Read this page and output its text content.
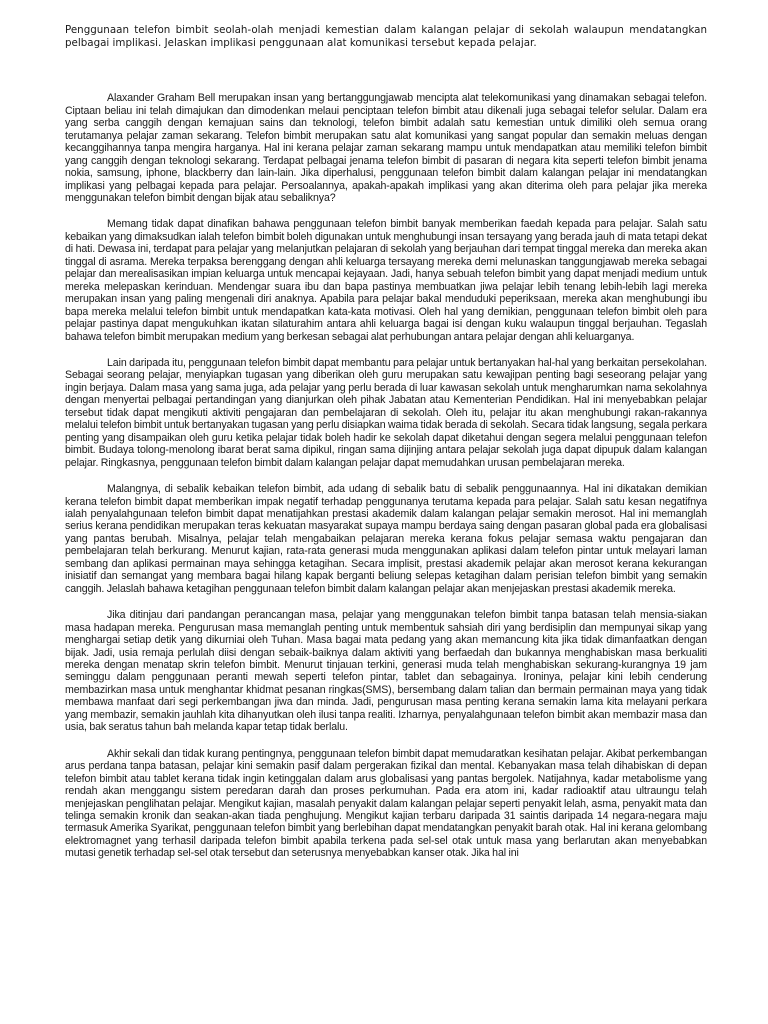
Penggunaan telefon bimbit seolah-olah menjadi kemestian dalam kalangan pelajar di sekolah walaupun mendatangkan pelbagai implikasi. Jelaskan implikasi penggunaan alat komunikasi tersebut kepada pelajar.

Alaxander Graham Bell merupakan insan yang bertanggungjawab mencipta alat telekomunikasi yang dinamakan sebagai telefon. Ciptaan beliau ini telah dimajukan dan dimodenkan melaui penciptaan telefon bimbit atau dikenali juga sebagai telefor selular. Dalam era yang serba canggih dengan kemajuan sains dan teknologi, telefon bimbit adalah satu kemestian untuk dimiliki oleh semua orang terutamanya pelajar zaman sekarang. Telefon bimbit merupakan satu alat komunikasi yang sangat popular dan semakin meluas dengan kecanggihannya tanpa mengira harganya. Hal ini kerana pelajar zaman sekarang mampu untuk mendapatkan atau memiliki telefon bimbit yang canggih dengan teknologi sekarang. Terdapat pelbagai jenama telefon bimbit di pasaran di negara kita seperti telefon bimbit jenama nokia, samsung, iphone, blackberry dan lain-lain. Jika diperhalusi, penggunaan telefon bimbit dalam kalangan pelajar ini mendatangkan implikasi yang pelbagai kepada para pelajar. Persoalannya, apakah-apakah implikasi yang akan diterima oleh para pelajar jika mereka menggunakan telefon bimbit dengan bijak atau sebaliknya?

Memang tidak dapat dinafikan bahawa penggunaan telefon bimbit banyak memberikan faedah kepada para pelajar. Salah satu kebaikan yang dimaksudkan ialah telefon bimbit boleh digunakan untuk menghubungi insan tersayang yang berada jauh di mata tetapi dekat di hati. Dewasa ini, terdapat para pelajar yang melanjutkan pelajaran di sekolah yang berjauhan dari tempat tinggal mereka dan mereka akan tinggal di asrama. Mereka terpaksa berenggang dengan ahli keluarga tersayang mereka demi melunaskan tanggungjawab mereka sebagai pelajar dan merealisasikan impian keluarga untuk mencapai kejayaan. Jadi, hanya sebuah telefon bimbit yang dapat menjadi medium untuk mereka melepaskan kerinduan. Mendengar suara ibu dan bapa pastinya membuatkan jiwa pelajar lebih tenang lebih-lebih lagi mereka merupakan insan yang paling mengenali diri anaknya. Apabila para pelajar bakal menduduki peperiksaan, mereka akan menghubungi ibu bapa mereka melalui telefon bimbit untuk mendapatkan kata-kata motivasi. Oleh hal yang demikian, penggunaan telefon bimbit oleh para pelajar pastinya dapat mengukuhkan ikatan silaturahim antara ahli keluarga bagai isi dengan kuku walaupun tinggal berjauhan. Tegaslah bahawa telefon bimbit merupakan medium yang berkesan sebagai alat perhubungan antara pelajar dengan ahli keluarganya.

Lain daripada itu, penggunaan telefon bimbit dapat membantu para pelajar untuk bertanyakan hal-hal yang berkaitan persekolahan. Sebagai seorang pelajar, menyiapkan tugasan yang diberikan oleh guru merupakan satu kewajipan penting bagi seseorang pelajar yang ingin berjaya. Dalam masa yang sama juga, ada pelajar yang perlu berada di luar kawasan sekolah untuk mengharumkan nama sekolahnya dengan menyertai pelbagai pertandingan yang dianjurkan oleh pihak Jabatan atau Kementerian Pendidikan. Hal ini menyebabkan pelajar tersebut tidak dapat mengikuti aktiviti pengajaran dan pembelajaran di sekolah. Oleh itu, pelajar itu akan menghubungi rakan-rakannya melalui telefon bimbit untuk bertanyakan tugasan yang perlu disiapkan waima tidak berada di sekolah. Secara tidak langsung, segala perkara penting yang disampaikan oleh guru ketika pelajar tidak boleh hadir ke sekolah dapat diketahui dengan segera melalui penggunaan telefon bimbit. Budaya tolong-menolong ibarat berat sama dipikul, ringan sama dijinjing antara pelajar sekolah juga dapat dipupuk dalam kalangan pelajar. Ringkasnya, penggunaan telefon bimbit dalam kalangan pelajar dapat memudahkan urusan pembelajaran mereka.

Malangnya, di sebalik kebaikan telefon bimbit, ada udang di sebalik batu di sebalik penggunaannya. Hal ini dikatakan demikian kerana telefon bimbit dapat memberikan impak negatif terhadap penggunanya terutama kepada para pelajar. Salah satu kesan negatifnya ialah penyalahgunaan telefon bimbit dapat menatijahkan prestasi akademik dalam kalangan pelajar semakin merosot. Hal ini memanglah serius kerana pendidikan merupakan teras kekuatan masyarakat supaya mampu berdaya saing dengan pasaran global pada era globalisasi yang pantas berubah. Misalnya, pelajar telah mengabaikan pelajaran mereka kerana fokus pelajar semasa waktu pengajaran dan pembelajaran telah berkurang. Menurut kajian, rata-rata generasi muda menggunakan aplikasi dalam telefon pintar untuk melayari laman sembang dan aplikasi permainan maya sehingga ketagihan. Secara implisit, prestasi akademik pelajar akan merosot kerana kekurangan inisiatif dan semangat yang membara bagai hilang kapak berganti beliung selepas ketagihan dalam perisian telefon bimbit yang semakin canggih. Jelaslah bahawa ketagihan penggunaan telefon bimbit dalam kalangan pelajar akan menjejaskan prestasi akademik mereka.

Jika ditinjau dari pandangan perancangan masa, pelajar yang menggunakan telefon bimbit tanpa batasan telah mensia-siakan masa hadapan mereka. Pengurusan masa memanglah penting untuk membentuk sahsiah diri yang berdisiplin dan mempunyai sikap yang menghargai setiap detik yang dikurniai oleh Tuhan. Masa bagai mata pedang yang akan memancung kita jika tidak dimanfaatkan dengan bijak. Jadi, usia remaja perlulah diisi dengan sebaik-baiknya dalam aktiviti yang berfaedah dan bukannya menghabiskan masa berkualiti mereka dengan menatap skrin telefon bimbit. Menurut tinjauan terkini, generasi muda telah menghabiskan sekurang-kurangnya 19 jam seminggu dalam penggunaan peranti mewah seperti telefon pintar, tablet dan sebagainya. Ironinya, pelajar kini lebih cenderung membazirkan masa untuk menghantar khidmat pesanan ringkas(SMS), bersembang dalam talian dan bermain permainan maya yang tidak membawa manfaat dari segi perkembangan jiwa dan minda. Jadi, pengurusan masa penting kerana semakin lama kita melayani perkara yang membazir, semakin jauhlah kita dihanyutkan oleh ilusi tanpa realiti. Izharnya, penyalahgunaan telefon bimbit akan membazir masa dan usia, bak seratus tahun bah melanda kapar tetap tidak berlalu.

Akhir sekali dan tidak kurang pentingnya, penggunaan telefon bimbit dapat memudaratkan kesihatan pelajar. Akibat perkembangan arus perdana tanpa batasan, pelajar kini semakin pasif dalam pergerakan fizikal dan mental. Kebanyakan masa telah dihabiskan di depan telefon bimbit atau tablet kerana tidak ingin ketinggalan dalam arus globalisasi yang pantas bergolek. Natijahnya, kadar metabolisme yang rendah akan menggangu sistem peredaran darah dan proses perkumuhan. Pada era atom ini, kadar radioaktif atau ultraungu telah menjejaskan penglihatan pelajar. Mengikut kajian, masalah penyakit dalam kalangan pelajar seperti penyakit lelah, asma, penyakit mata dan telinga semakin kronik dan seakan-akan tiada penghujung. Mengikut kajian terbaru daripada 31 saintis daripada 14 negara-negara maju termasuk Amerika Syarikat, penggunaan telefon bimbit yang berlebihan dapat mendatangkan penyakit barah otak. Hal ini kerana gelombang elektromagnet yang terhasil daripada telefon bimbit apabila terkena pada sel-sel otak untuk masa yang berlarutan akan menyebabkan mutasi genetik terhadap sel-sel otak tersebut dan seterusnya menyebabkan kanser otak. Jika hal ini
